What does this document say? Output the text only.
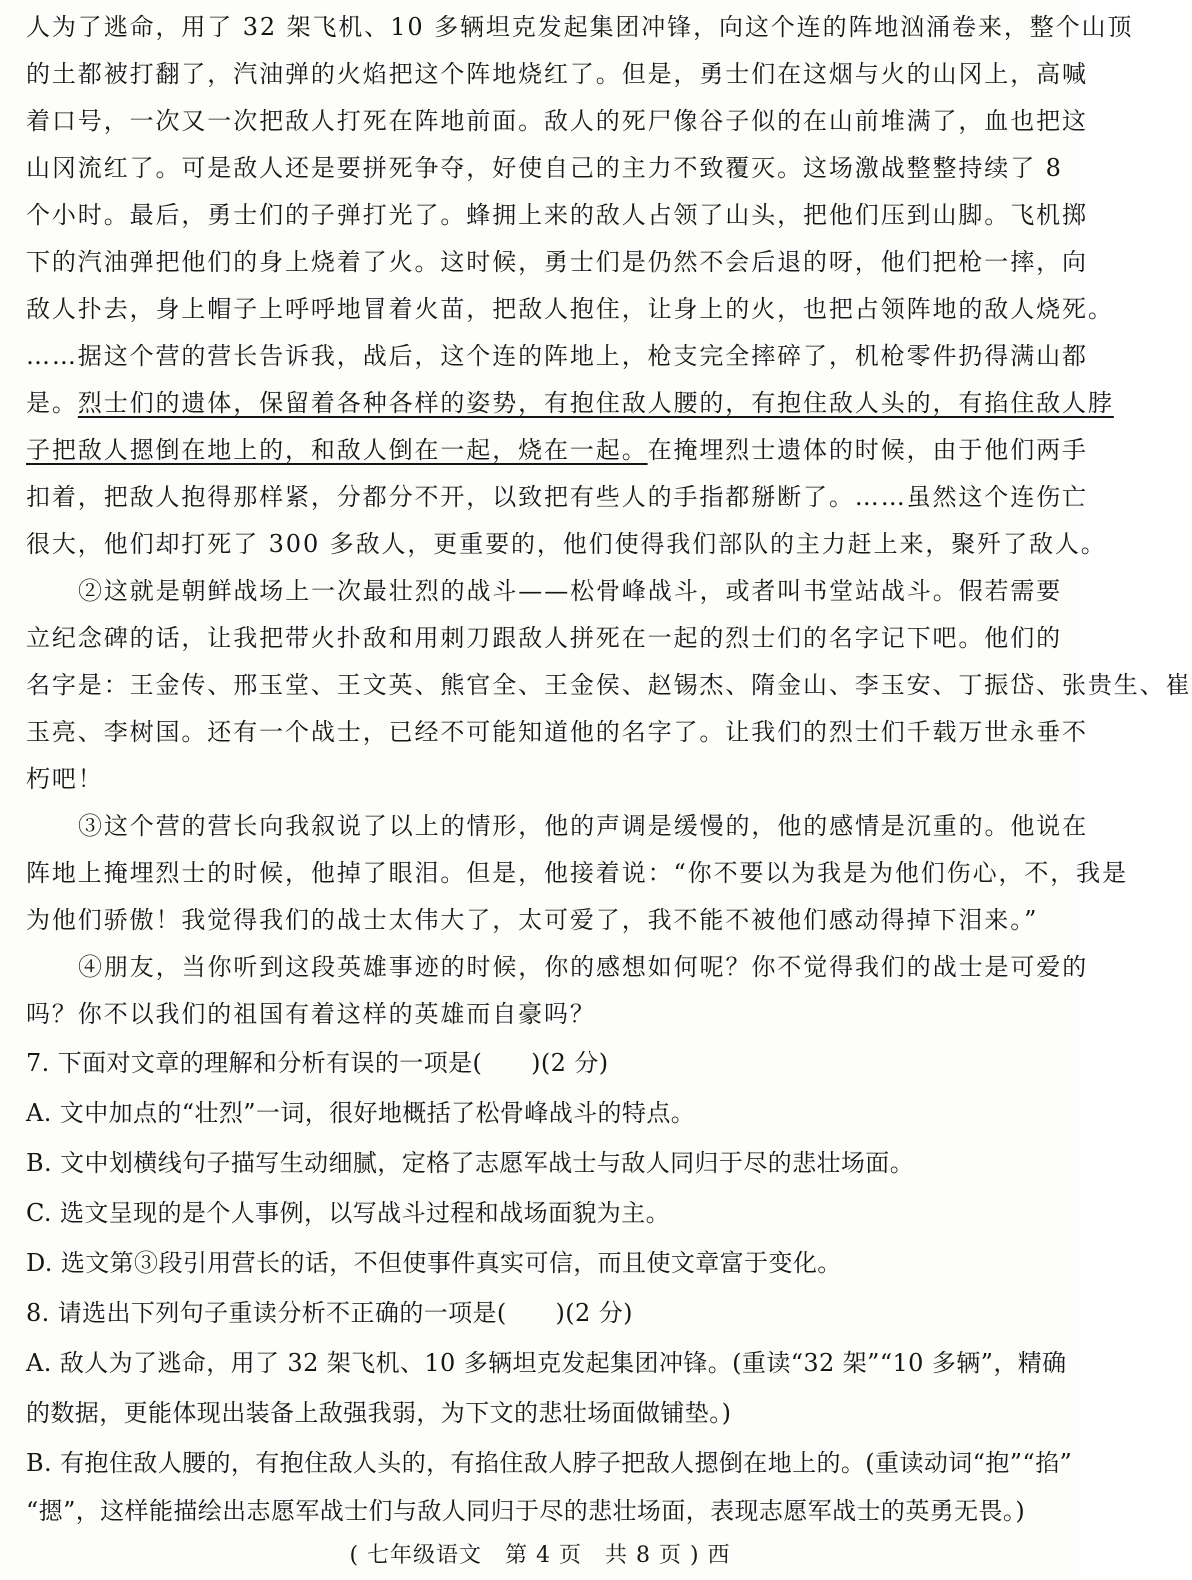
人为了逃命，用了 32 架飞机、10 多辆坦克发起集团冲锋，向这个连的阵地汹涌卷来，整个山顶
的土都被打翻了，汽油弹的火焰把这个阵地烧红了。但是，勇士们在这烟与火的山冈上，高喊
着口号，一次又一次把敌人打死在阵地前面。敌人的死尸像谷子似的在山前堆满了，血也把这
山冈流红了。可是敌人还是要拼死争夺，好使自己的主力不致覆灭。这场激战整整持续了 8
个小时。最后，勇士们的子弹打光了。蜂拥上来的敌人占领了山头，把他们压到山脚。飞机掷
下的汽油弹把他们的身上烧着了火。这时候，勇士们是仍然不会后退的呀，他们把枪一摔，向
敌人扑去，身上帽子上呼呼地冒着火苗，把敌人抱住，让身上的火，也把占领阵地的敌人烧死。
……据这个营的营长告诉我，战后，这个连的阵地上，枪支完全摔碎了，机枪零件扔得满山都
是。烈士们的遗体，保留着各种各样的姿势，有抱住敌人腰的，有抱住敌人头的，有掐住敌人脖
子把敌人摁倒在地上的，和敌人倒在一起，烧在一起。在掩埋烈士遗体的时候，由于他们两手
扣着，把敌人抱得那样紧，分都分不开，以致把有些人的手指都掰断了。……虽然这个连伤亡
很大，他们却打死了 300 多敌人，更重要的，他们使得我们部队的主力赶上来，聚歼了敌人。
②这就是朝鲜战场上一次最壮烈的战斗——松骨峰战斗，或者叫书堂站战斗。假若需要
立纪念碑的话，让我把带火扑敌和用刺刀跟敌人拼死在一起的烈士们的名字记下吧。他们的
名字是：王金传、邢玉堂、王文英、熊官全、王金侯、赵锡杰、隋金山、李玉安、丁振岱、张贵生、崔
玉亮、李树国。还有一个战士，已经不可能知道他的名字了。让我们的烈士们千载万世永垂不
朽吧！
③这个营的营长向我叙说了以上的情形，他的声调是缓慢的，他的感情是沉重的。他说在
阵地上掩埋烈士的时候，他掉了眼泪。但是，他接着说：“你不要以为我是为他们伤心，不，我是
为他们骄傲！我觉得我们的战士太伟大了，太可爱了，我不能不被他们感动得掉下泪来。”
④朋友，当你听到这段英雄事迹的时候，你的感想如何呢？你不觉得我们的战士是可爱的
吗？你不以我们的祖国有着这样的英雄而自豪吗？
7. 下面对文章的理解和分析有误的一项是(　　)(2 分)
A. 文中加点的“壮烈”一词，很好地概括了松骨峰战斗的特点。
B. 文中划横线句子描写生动细腻，定格了志愿军战士与敌人同归于尽的悲壮场面。
C. 选文呈现的是个人事例，以写战斗过程和战场面貌为主。
D. 选文第③段引用营长的话，不但使事件真实可信，而且使文章富于变化。
8. 请选出下列句子重读分析不正确的一项是(　　)(2 分)
A. 敌人为了逃命，用了 32 架飞机、10 多辆坦克发起集团冲锋。(重读“32 架”“10 多辆”，精确
的数据，更能体现出装备上敌强我弱，为下文的悲壮场面做铺垫。)
B. 有抱住敌人腰的，有抱住敌人头的，有掐住敌人脖子把敌人摁倒在地上的。(重读动词“抱”“掐”
“摁”，这样能描绘出志愿军战士们与敌人同归于尽的悲壮场面，表现志愿军战士的英勇无畏。)
( 七年级语文　第 4 页　共 8 页 ) 西
